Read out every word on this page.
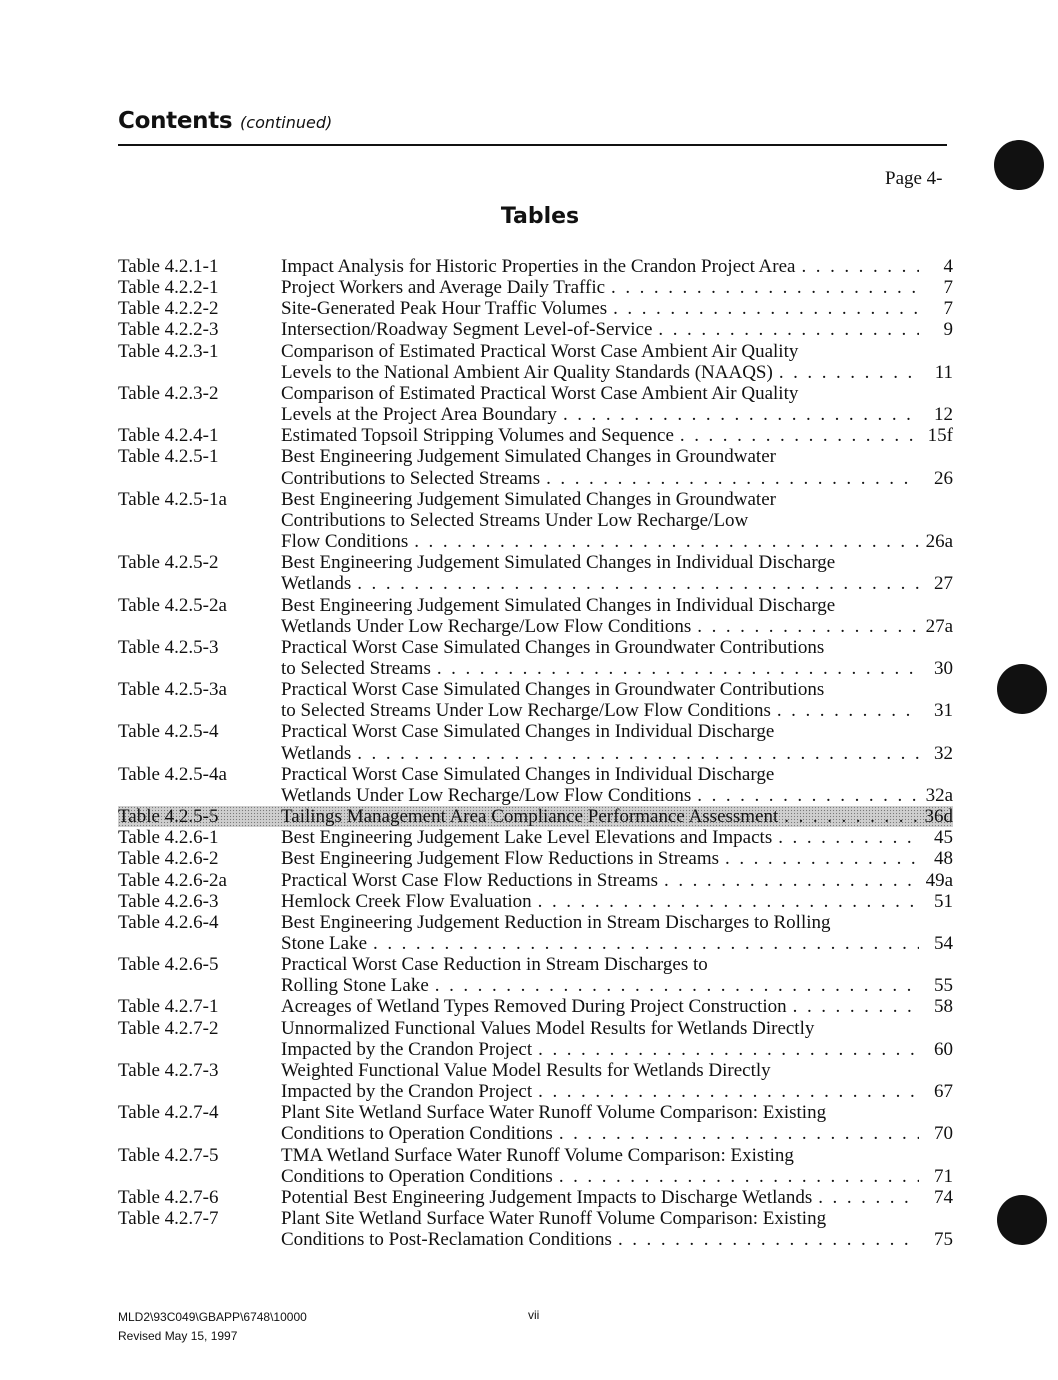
Contents (continued)
Page 4-
Tables
Table 4.2.1-1	Impact Analysis for Historic Properties in the Crandon Project Area . . .	4
Table 4.2.2-1	Project Workers and Average Daily Traffic . . .	7
Table 4.2.2-2	Site-Generated Peak Hour Traffic Volumes . . .	7
Table 4.2.2-3	Intersection/Roadway Segment Level-of-Service . . .	9
Table 4.2.3-1	Comparison of Estimated Practical Worst Case Ambient Air Quality
Levels to the National Ambient Air Quality Standards (NAAQS) . . .	11
Table 4.2.3-2	Comparison of Estimated Practical Worst Case Ambient Air Quality
Levels at the Project Area Boundary . . .	12
Table 4.2.4-1	Estimated Topsoil Stripping Volumes and Sequence . . .	15f
Table 4.2.5-1	Best Engineering Judgement Simulated Changes in Groundwater
Contributions to Selected Streams . . .	26
Table 4.2.5-1a	Best Engineering Judgement Simulated Changes in Groundwater
Contributions to Selected Streams Under Low Recharge/Low
Flow Conditions . . .	26a
Table 4.2.5-2	Best Engineering Judgement Simulated Changes in Individual Discharge
Wetlands . . .	27
Table 4.2.5-2a	Best Engineering Judgement Simulated Changes in Individual Discharge
Wetlands Under Low Recharge/Low Flow Conditions . . .	27a
Table 4.2.5-3	Practical Worst Case Simulated Changes in Groundwater Contributions
to Selected Streams . . .	30
Table 4.2.5-3a	Practical Worst Case Simulated Changes in Groundwater Contributions
to Selected Streams Under Low Recharge/Low Flow Conditions . . .	31
Table 4.2.5-4	Practical Worst Case Simulated Changes in Individual Discharge
Wetlands . . .	32
Table 4.2.5-4a	Practical Worst Case Simulated Changes in Individual Discharge
Wetlands Under Low Recharge/Low Flow Conditions . . .	32a
Table 4.2.5-5	Tailings Management Area Compliance Performance Assessment . . .	36d
Table 4.2.6-1	Best Engineering Judgement Lake Level Elevations and Impacts . . .	45
Table 4.2.6-2	Best Engineering Judgement Flow Reductions in Streams . . .	48
Table 4.2.6-2a	Practical Worst Case Flow Reductions in Streams . . .	49a
Table 4.2.6-3	Hemlock Creek Flow Evaluation . . .	51
Table 4.2.6-4	Best Engineering Judgement Reduction in Stream Discharges to Rolling
Stone Lake . . .	54
Table 4.2.6-5	Practical Worst Case Reduction in Stream Discharges to
Rolling Stone Lake . . .	55
Table 4.2.7-1	Acreages of Wetland Types Removed During Project Construction . . .	58
Table 4.2.7-2	Unnormalized Functional Values Model Results for Wetlands Directly
Impacted by the Crandon Project . . .	60
Table 4.2.7-3	Weighted Functional Value Model Results for Wetlands Directly
Impacted by the Crandon Project . . .	67
Table 4.2.7-4	Plant Site Wetland Surface Water Runoff Volume Comparison: Existing
Conditions to Operation Conditions . . .	70
Table 4.2.7-5	TMA Wetland Surface Water Runoff Volume Comparison: Existing
Conditions to Operation Conditions . . .	71
Table 4.2.7-6	Potential Best Engineering Judgement Impacts to Discharge Wetlands . . .	74
Table 4.2.7-7	Plant Site Wetland Surface Water Runoff Volume Comparison: Existing
Conditions to Post-Reclamation Conditions . . .	75
MLD2\93C049\GBAPP\6748\10000
Revised May 15, 1997
vii
